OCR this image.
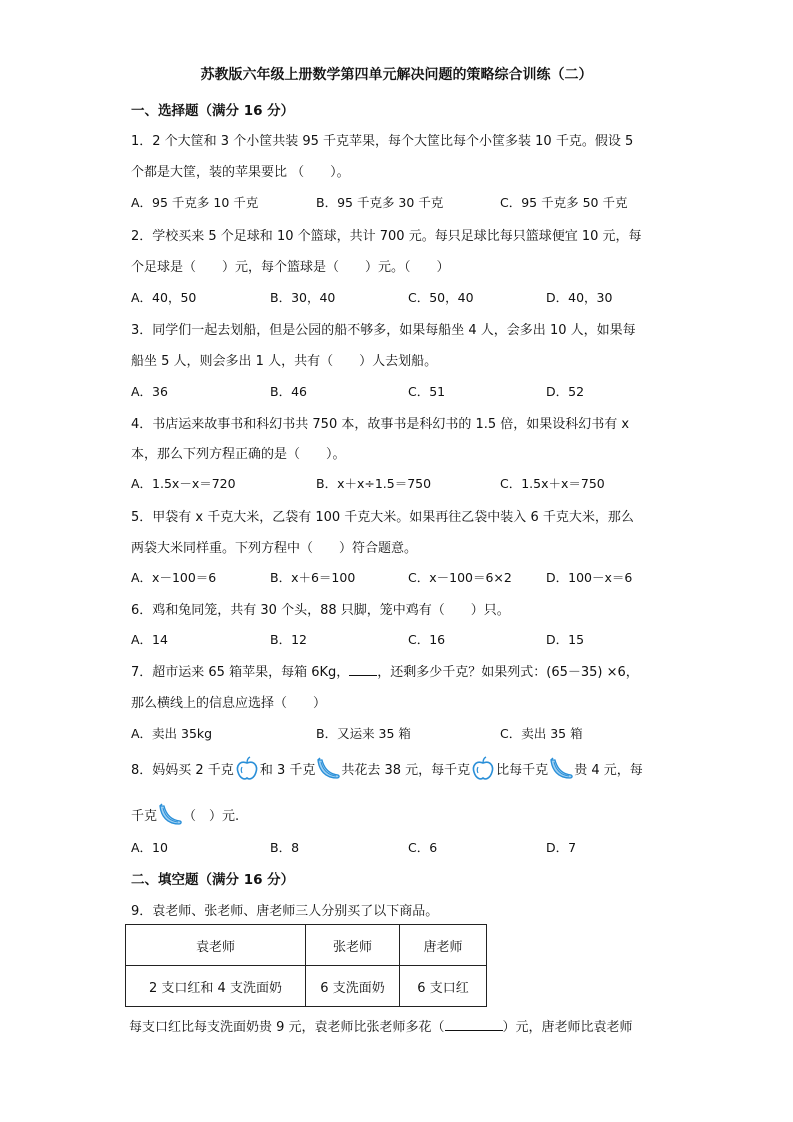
苏教版六年级上册数学第四单元解决问题的策略综合训练（二）
一、选择题（满分 16 分）
1．2 个大筐和 3 个小筐共装 95 千克苹果，每个大筐比每个小筐多装 10 千克。假设 5
个都是大筐，装的苹果要比 （　　）。
A．95 千克多 10 千克	B．95 千克多 30 千克	C．95 千克多 50 千克
2．学校买来 5 个足球和 10 个篮球，共计 700 元。每只足球比每只篮球便宜 10 元，每
个足球是（　　）元，每个篮球是（　　）元。（　　）
A．40，50	B．30，40	C．50，40	D．40，30
3．同学们一起去划船，但是公园的船不够多，如果每船坐 4 人，会多出 10 人，如果每
船坐 5 人，则会多出 1 人，共有（　　）人去划船。
A．36	B．46	C．51	D．52
4．书店运来故事书和科幻书共 750 本，故事书是科幻书的 1.5 倍，如果设科幻书有 x
本，那么下列方程正确的是（　　）。
A．1.5x－x＝720	B．x＋x÷1.5＝750	C．1.5x＋x＝750
5．甲袋有 x 千克大米，乙袋有 100 千克大米。如果再往乙袋中装入 6 千克大米，那么
两袋大米同样重。下列方程中（　　）符合题意。
A．x－100＝6	B．x＋6＝100	C．x－100＝6×2	D．100－x＝6
6．鸡和兔同笼，共有 30 个头，88 只脚，笼中鸡有（　　）只。
A．14	B．12	C．16	D．15
7．超市运来 65 箱苹果，每箱 6Kg， ，还剩多少千克？如果列式：(65－35) ×6，
那么横线上的信息应选择（　　）
A．卖出 35kg	B．又运来 35 箱	C．卖出 35 箱
8．妈妈买 2 千克 和 3 千克 共花去 38 元，每千克 比每千克 贵 4 元，每
千克 （　）元.
A．10	B．8	C．6	D．7
二、填空题（满分 16 分）
9．袁老师、张老师、唐老师三人分别买了以下商品。
袁老师	张老师	唐老师
2 支口红和 4 支洗面奶	6 支洗面奶	6 支口红
每支口红比每支洗面奶贵 9 元，袁老师比张老师多花（	）元，唐老师比袁老师
